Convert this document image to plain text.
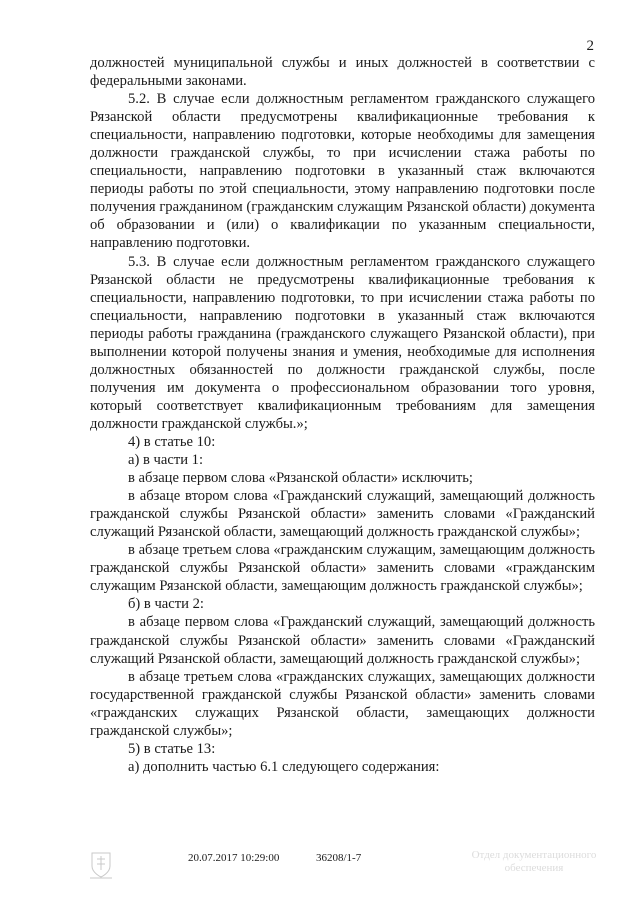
2

должностей муниципальной службы и иных должностей в соответствии с федеральными законами.

5.2. В случае если должностным регламентом гражданского служащего Рязанской области предусмотрены квалификационные требования к специальности, направлению подготовки, которые необходимы для замещения должности гражданской службы, то при исчислении стажа работы по специальности, направлению подготовки в указанный стаж включаются периоды работы по этой специальности, этому направлению подготовки после получения гражданином (гражданским служащим Рязанской области) документа об образовании и (или) о квалификации по указанным специальности, направлению подготовки.

5.3. В случае если должностным регламентом гражданского служащего Рязанской области не предусмотрены квалификационные требования к специальности, направлению подготовки, то при исчислении стажа работы по специальности, направлению подготовки в указанный стаж включаются периоды работы гражданина (гражданского служащего Рязанской области), при выполнении которой получены знания и умения, необходимые для исполнения должностных обязанностей по должности гражданской службы, после получения им документа о профессиональном образовании того уровня, который соответствует квалификационным требованиям для замещения должности гражданской службы.»;

4) в статье 10:

а) в части 1:

в абзаце первом слова «Рязанской области» исключить;

в абзаце втором слова «Гражданский служащий, замещающий должность гражданской службы Рязанской области» заменить словами «Гражданский служащий Рязанской области, замещающий должность гражданской службы»;

в абзаце третьем слова «гражданским служащим, замещающим должность гражданской службы Рязанской области» заменить словами «гражданским служащим Рязанской области, замещающим должность гражданской службы»;

б) в части 2:

в абзаце первом слова «Гражданский служащий, замещающий должность гражданской службы Рязанской области» заменить словами «Гражданский служащий Рязанской области, замещающий должность гражданской службы»;

в абзаце третьем слова «гражданских служащих, замещающих должности государственной гражданской службы Рязанской области» заменить словами «гражданских служащих Рязанской области, замещающих должности гражданской службы»;

5) в статье 13:

а) дополнить частью 6.1 следующего содержания:

20.07.2017 10:29:00	36208/1-7	Отдел документационного
обеспечения
